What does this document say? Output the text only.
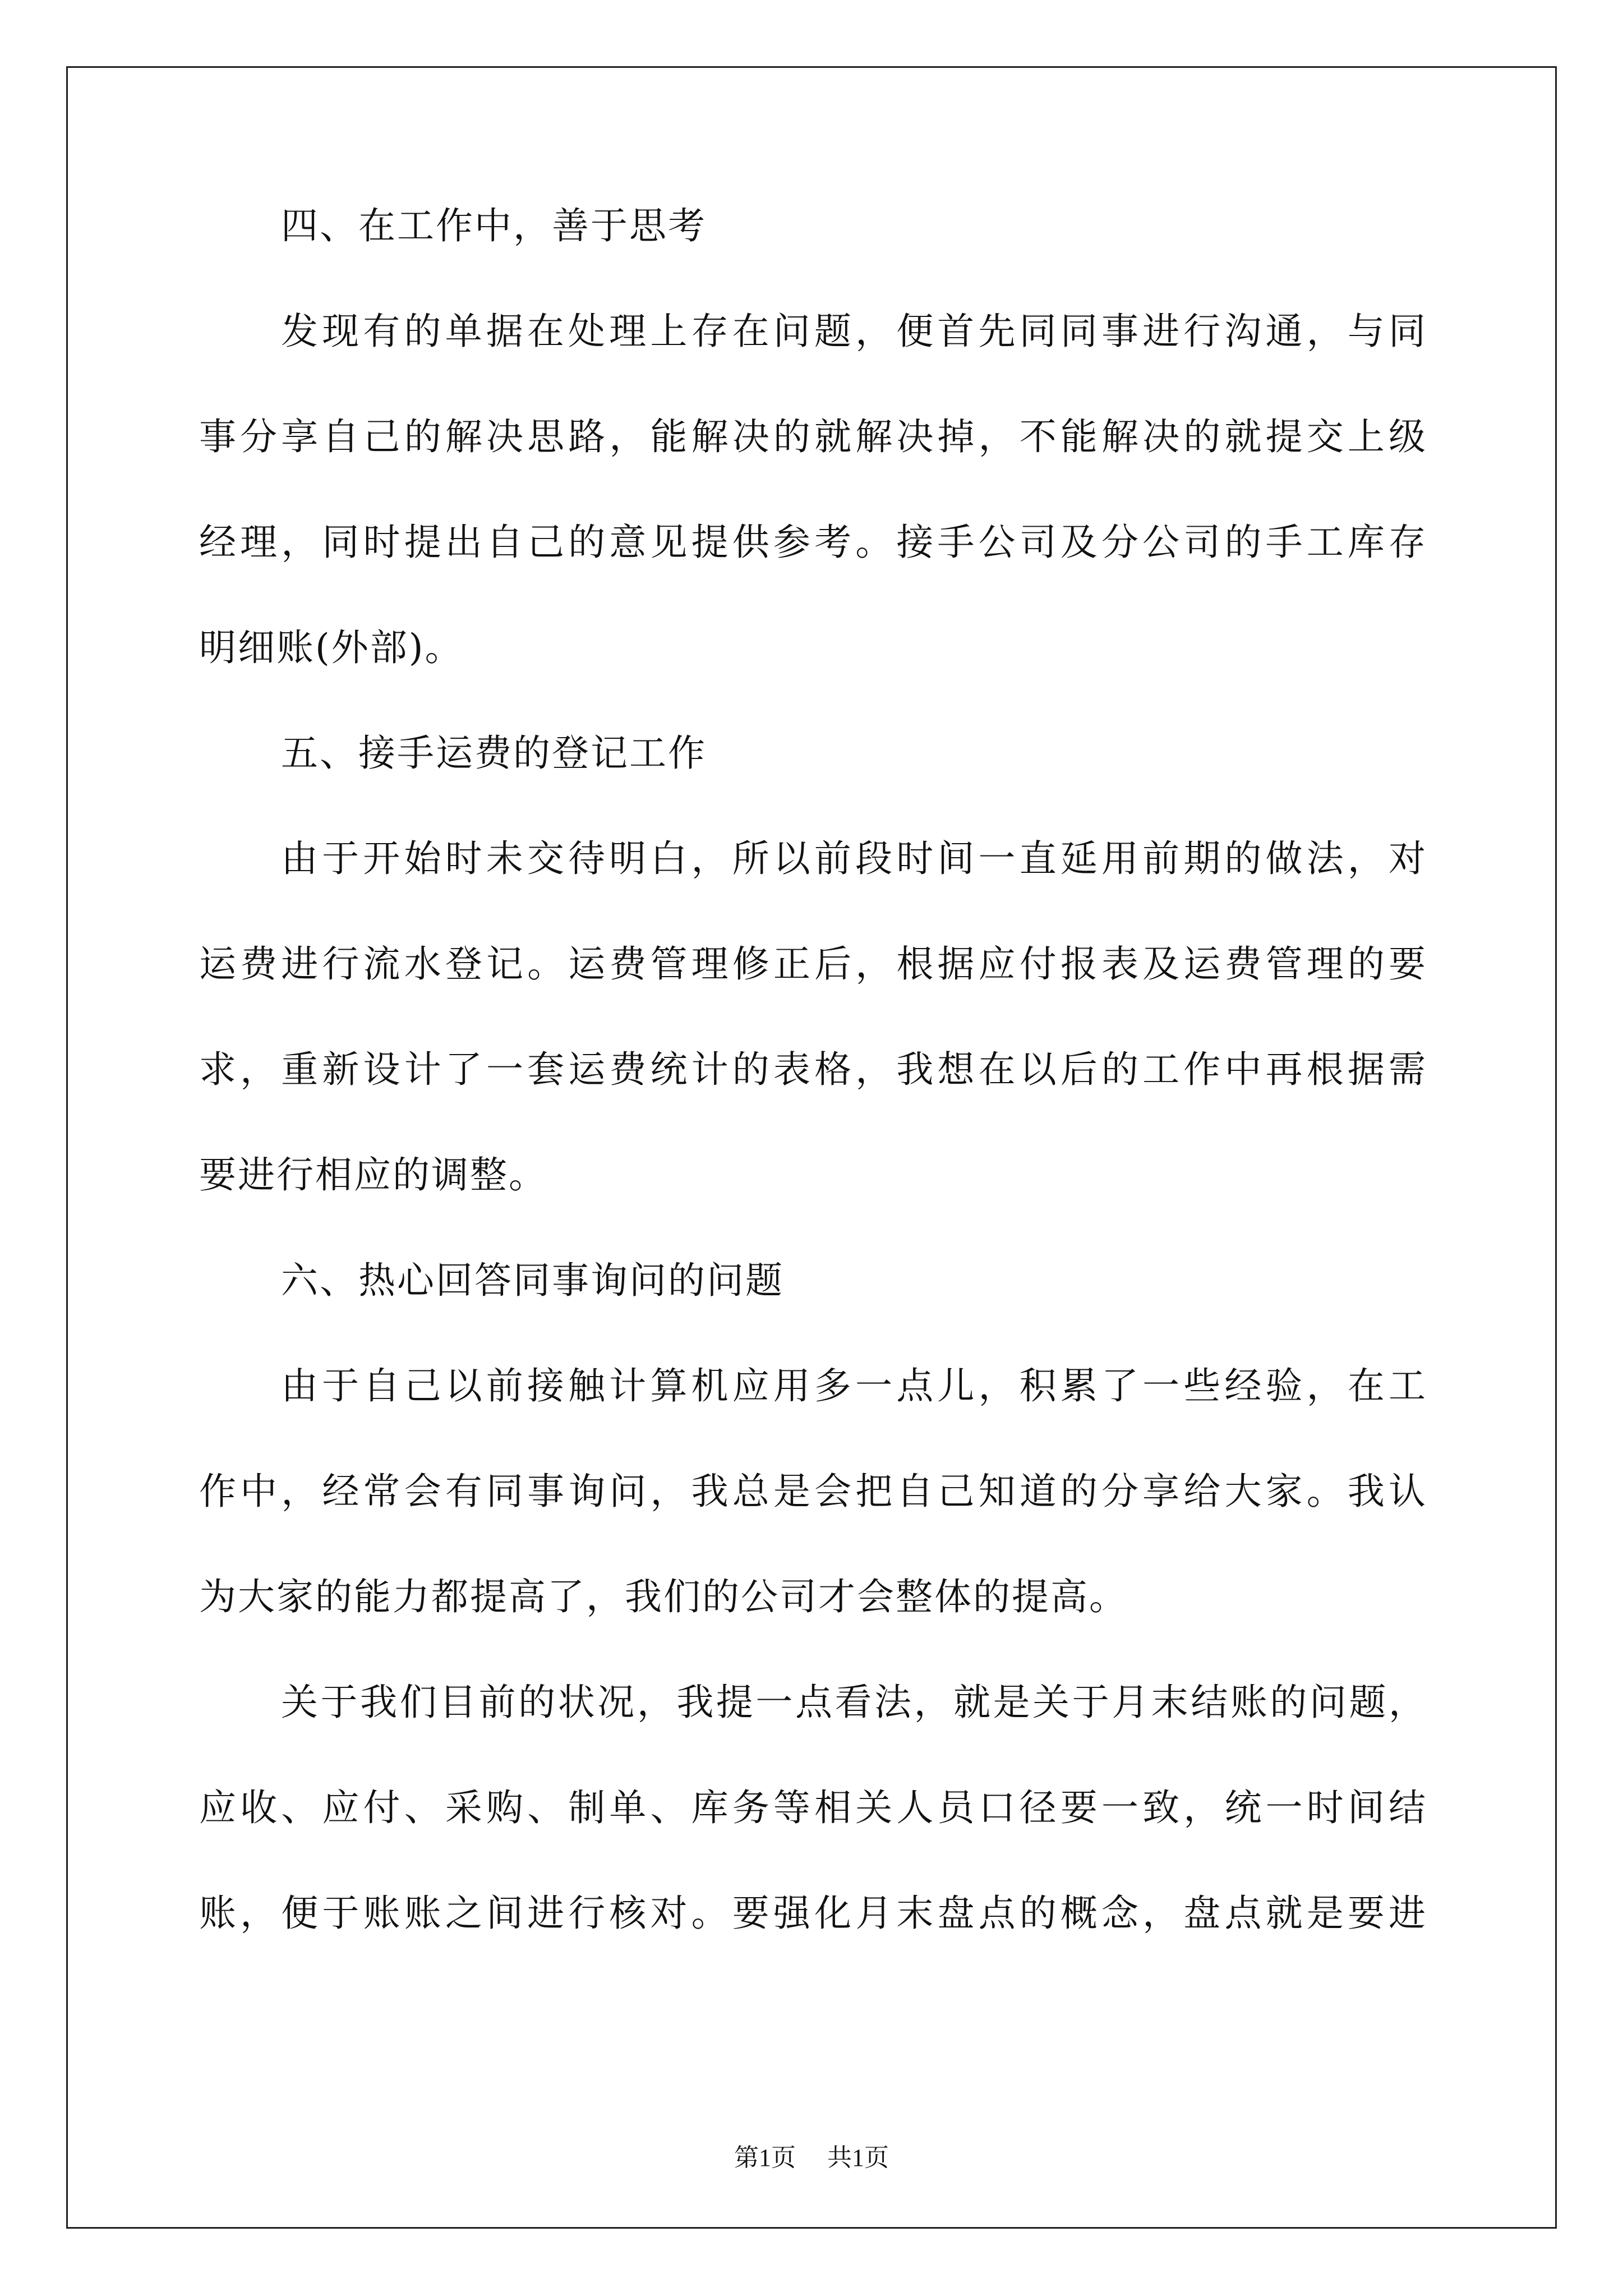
四、在工作中，善于思考

发现有的单据在处理上存在问题，便首先同同事进行沟通，与同

事分享自己的解决思路，能解决的就解决掉，不能解决的就提交上级

经理，同时提出自己的意见提供参考。接手公司及分公司的手工库存

明细账(外部)。

五、接手运费的登记工作

由于开始时未交待明白，所以前段时间一直延用前期的做法，对

运费进行流水登记。运费管理修正后，根据应付报表及运费管理的要

求，重新设计了一套运费统计的表格，我想在以后的工作中再根据需

要进行相应的调整。

六、热心回答同事询问的问题

由于自己以前接触计算机应用多一点儿，积累了一些经验，在工

作中，经常会有同事询问，我总是会把自己知道的分享给大家。我认

为大家的能力都提高了，我们的公司才会整体的提高。

关于我们目前的状况，我提一点看法，就是关于月末结账的问题，

应收、应付、采购、制单、库务等相关人员口径要一致，统一时间结

账，便于账账之间进行核对。要强化月末盘点的概念，盘点就是要进

第1页 共1页
